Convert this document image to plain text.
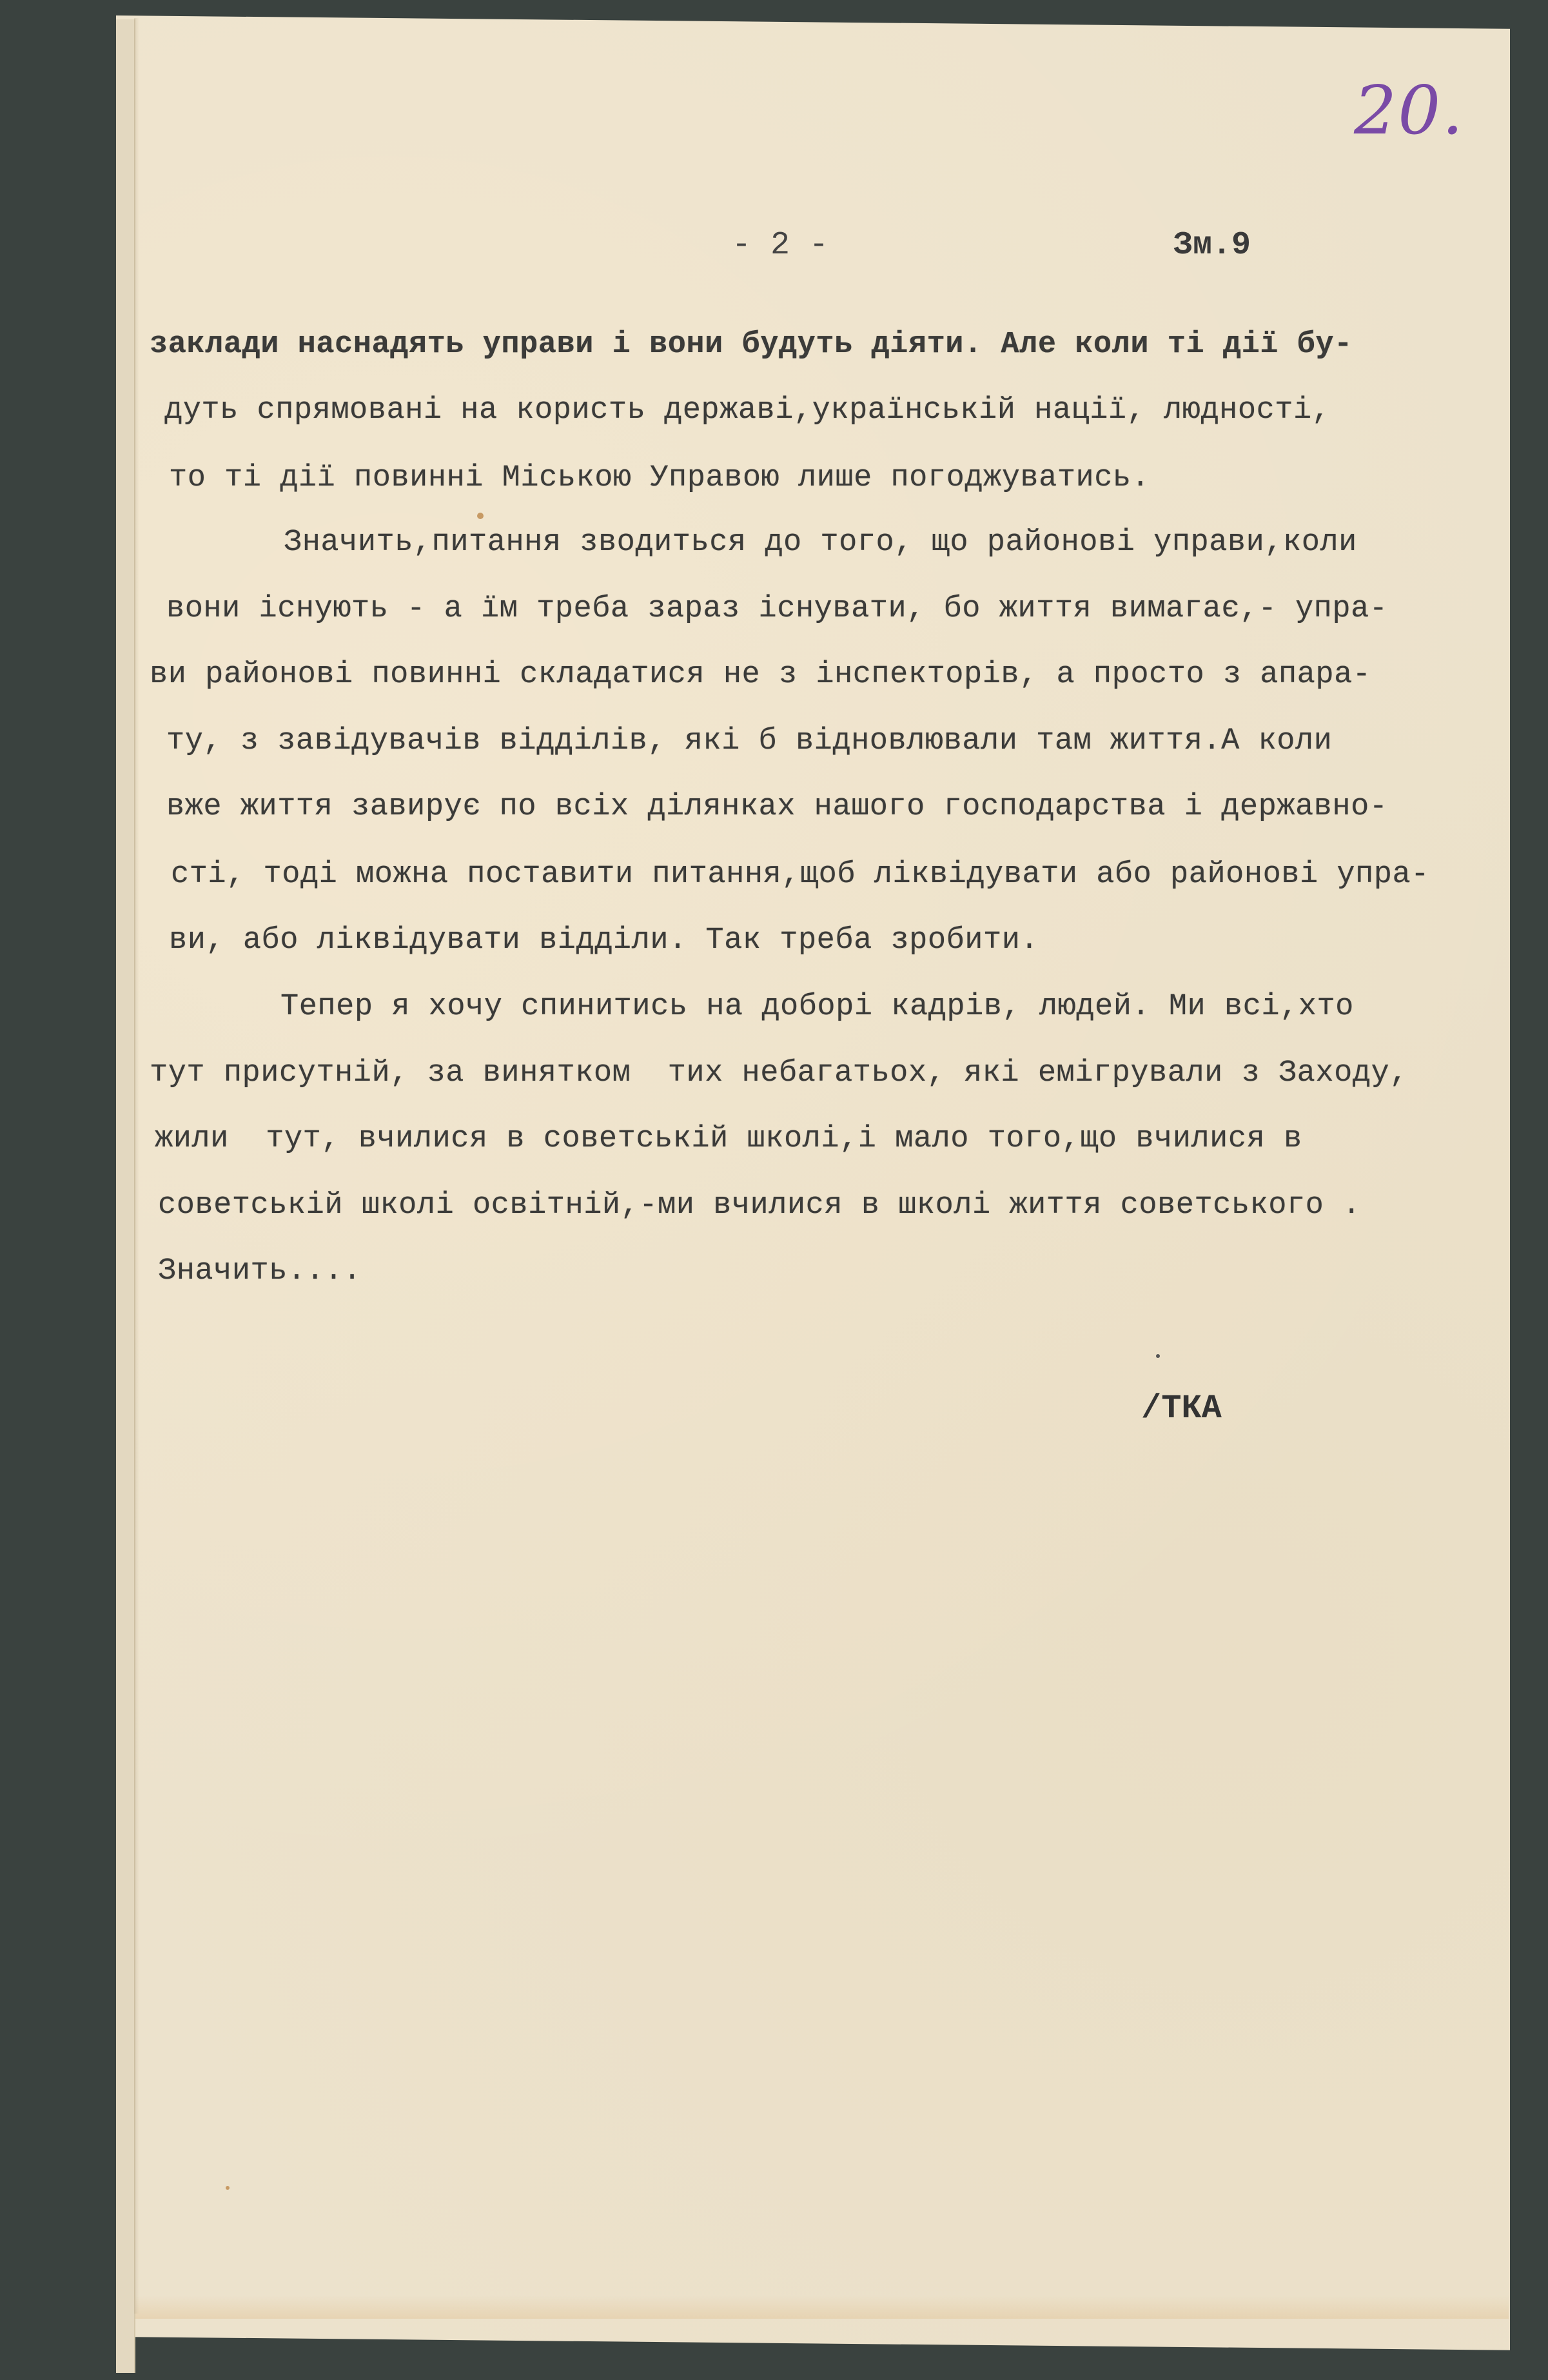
20.
- 2 -	Зм.9
заклади наснадять управи і вони будуть діяти. Але коли ті дії бу-
дуть спрямовані на користь державі,українській нації, людності,
то ті дії повинні Міською Управою лише погоджуватись.
Значить,питання зводиться до того, що районові управи,коли
вони існують - а їм треба зараз існувати, бо життя вимагає,- упра-
ви районові повинні складатися не з інспекторів, а просто з апара-
ту, з завідувачів відділів, які б відновлювали там життя.А коли
вже життя завирує по всіх ділянках нашого господарства і державно-
сті, тоді можна поставити питання,щоб ліквідувати або районові упра-
ви, або ліквідувати відділи. Так треба зробити.
Тепер я хочу спинитись на доборі кадрів, людей. Ми всі,хто
тут присутній, за винятком  тих небагатьох, які емігрували з Заходу,
жили  тут, вчилися в советській школі,і мало того,що вчилися в
советській школі освітній,-ми вчилися в школі життя советського .
Значить....
/ТКА
